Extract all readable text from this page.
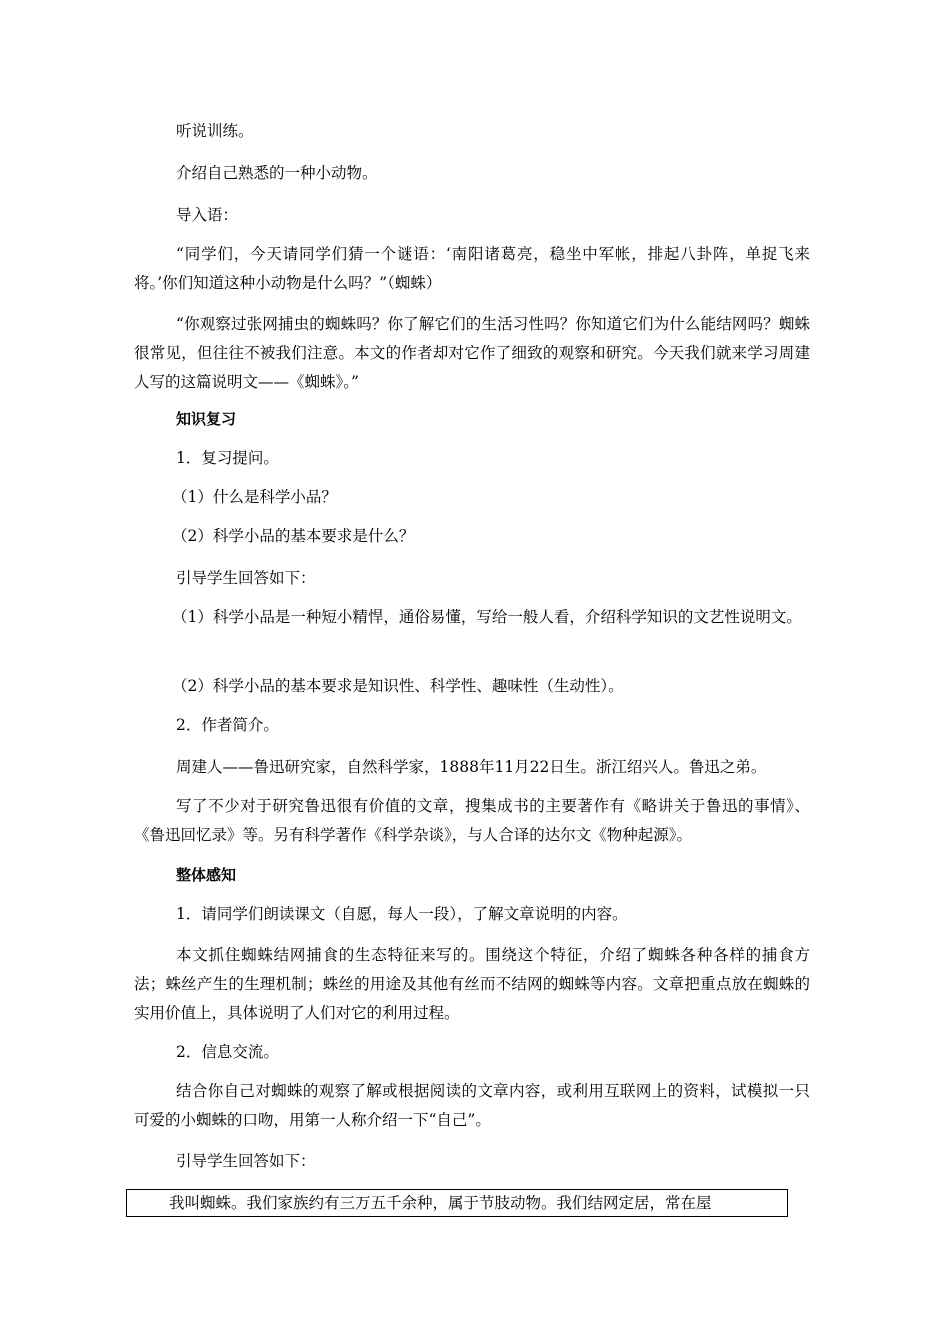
听说训练。

介绍自己熟悉的一种小动物。

导入语：

“同学们，今天请同学们猜一个谜语：‘南阳诸葛亮，稳坐中军帐，排起八卦阵，单捉飞来将。’你们知道这种小动物是什么吗？”（蜘蛛）

“你观察过张网捕虫的蜘蛛吗？你了解它们的生活习性吗？你知道它们为什么能结网吗？蜘蛛很常见，但往往不被我们注意。本文的作者却对它作了细致的观察和研究。今天我们就来学习周建人写的这篇说明文——《蜘蛛》。”

知识复习

1．复习提问。

（1）什么是科学小品？

（2）科学小品的基本要求是什么？

引导学生回答如下：

（1）科学小品是一种短小精悍，通俗易懂，写给一般人看，介绍科学知识的文艺性说明文。

（2）科学小品的基本要求是知识性、科学性、趣味性（生动性）。

2．作者简介。

周建人——鲁迅研究家，自然科学家，1888年11月22日生。浙江绍兴人。鲁迅之弟。

写了不少对于研究鲁迅很有价值的文章，搜集成书的主要著作有《略讲关于鲁迅的事情》、《鲁迅回忆录》等。另有科学著作《科学杂谈》，与人合译的达尔文《物种起源》。

整体感知

1．请同学们朗读课文（自愿，每人一段），了解文章说明的内容。

本文抓住蜘蛛结网捕食的生态特征来写的。围绕这个特征，介绍了蜘蛛各种各样的捕食方法；蛛丝产生的生理机制；蛛丝的用途及其他有丝而不结网的蜘蛛等内容。文章把重点放在蜘蛛的实用价值上，具体说明了人们对它的利用过程。

2．信息交流。

结合你自己对蜘蛛的观察了解或根据阅读的文章内容，或利用互联网上的资料，试模拟一只可爱的小蜘蛛的口吻，用第一人称介绍一下“自己”。

引导学生回答如下：

我叫蜘蛛。我们家族约有三万五千余种，属于节肢动物。我们结网定居，常在屋
